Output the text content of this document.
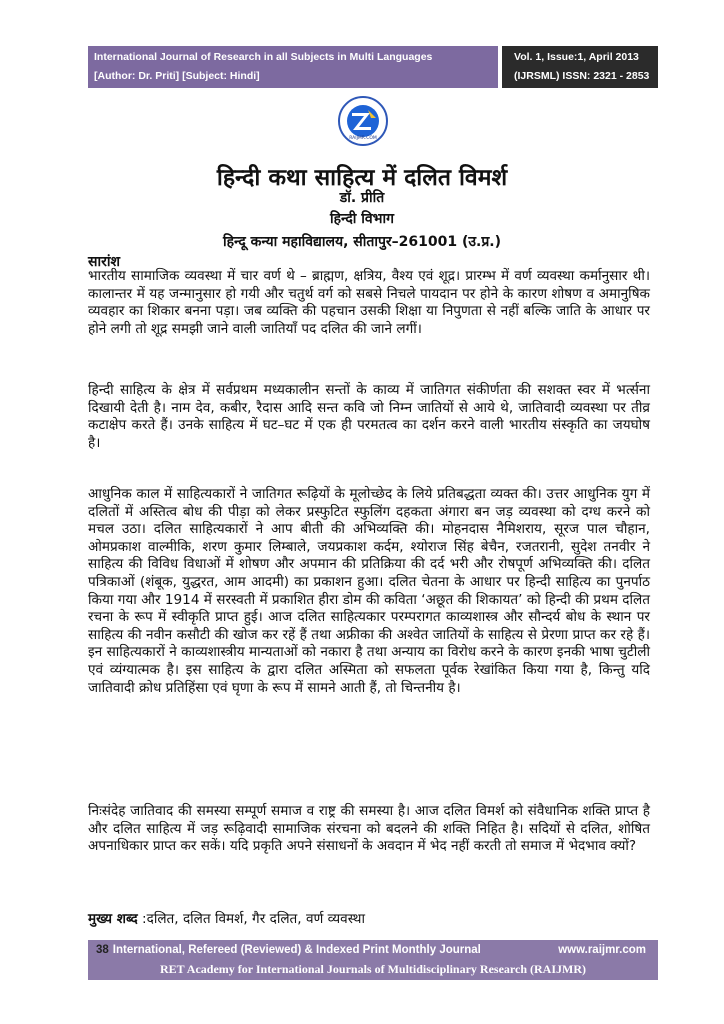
International Journal of Research in all Subjects in Multi Languages
[Author: Dr. Priti] [Subject: Hindi]
Vol. 1, Issue:1, April 2013
(IJRSML) ISSN: 2321 - 2853
RAIJMR.COM
हिन्दी कथा साहित्य में दलित विमर्श
डॉ. प्रीति
हिन्दी विभाग
हिन्दू कन्या महाविद्यालय, सीतापुर–261001 (उ.प्र.)
सारांश
भारतीय सामाजिक व्यवस्था में चार वर्ण थे – ब्राह्मण, क्षत्रिय, वैश्य एवं शूद्र। प्रारम्भ में वर्ण व्यवस्था कर्मानुसार थी। कालान्तर में यह जन्मानुसार हो गयी और चतुर्थ वर्ग को सबसे निचले पायदान पर होने के कारण शोषण व अमानुषिक व्यवहार का शिकार बनना पड़ा। जब व्यक्ति की पहचान उसकी शिक्षा या निपुणता से नहीं बल्कि जाति के आधार पर होने लगी तो शूद्र समझी जाने वाली जातियाँ पद दलित की जाने लगीं।
हिन्दी साहित्य के क्षेत्र में सर्वप्रथम मध्यकालीन सन्तों के काव्य में जातिगत संकीर्णता की सशक्त स्वर में भर्त्सना दिखायी देती है। नाम देव, कबीर, रैदास आदि सन्त कवि जो निम्न जातियों से आये थे, जातिवादी व्यवस्था पर तीव्र कटाक्षेप करते हैं। उनके साहित्य में घट–घट में एक ही परमतत्व का दर्शन करने वाली भारतीय संस्कृति का जयघोष है।
आधुनिक काल में साहित्यकारों ने जातिगत रूढ़ियों के मूलोच्छेद के लिये प्रतिबद्धता व्यक्त की। उत्तर आधुनिक युग में दलितों में अस्तित्व बोध की पीड़ा को लेकर प्रस्फुटित स्फुलिंग दहकता अंगारा बन जड़ व्यवस्था को दग्ध करने को मचल उठा। दलित साहित्यकारों ने आप बीती की अभिव्यक्ति की। मोहनदास नैमिशराय, सूरज पाल चौहान, ओमप्रकाश वाल्मीकि, शरण कुमार लिम्बाले, जयप्रकाश कर्दम, श्योराज सिंह बेचैन, रजतरानी, सुदेश तनवीर ने साहित्य की विविध विधाओं में शोषण और अपमान की प्रतिक्रिया की दर्द भरी और रोषपूर्ण अभिव्यक्ति की। दलित पत्रिकाओं (शंबूक, युद्धरत, आम आदमी) का प्रकाशन हुआ। दलित चेतना के आधार पर हिन्दी साहित्य का पुनर्पाठ किया गया और 1914 में सरस्वती में प्रकाशित हीरा डोम की कविता ‘अछूत की शिकायत’ को हिन्दी की प्रथम दलित रचना के रूप में स्वीकृति प्राप्त हुई। आज दलित साहित्यकार परम्परागत काव्यशास्त्र और सौन्दर्य बोध के स्थान पर साहित्य की नवीन कसौटी की खोज कर रहें हैं तथा अफ्रीका की अश्वेत जातियों के साहित्य से प्रेरणा प्राप्त कर रहे हैं। इन साहित्यकारों ने काव्यशास्त्रीय मान्यताओं को नकारा है तथा अन्याय का विरोध करने के कारण इनकी भाषा चुटीली एवं व्यंग्यात्मक है। इस साहित्य के द्वारा दलित अस्मिता को सफलता पूर्वक रेखांकित किया गया है, किन्तु यदि जातिवादी क्रोध प्रतिहिंसा एवं घृणा के रूप में सामने आती हैं, तो चिन्तनीय है।
निःसंदेह जातिवाद की समस्या सम्पूर्ण समाज व राष्ट्र की समस्या है। आज दलित विमर्श को संवैधानिक शक्ति प्राप्त है और दलित साहित्य में जड़ रूढ़िवादी सामाजिक संरचना को बदलने की शक्ति निहित है। सदियों से दलित, शोषित अपनाधिकार प्राप्त कर सकें। यदि प्रकृति अपने संसाधनों के अवदान में भेद नहीं करती तो समाज में भेदभाव क्यों?
मुख्य शब्द :दलित, दलित विमर्श, गैर दलित, वर्ण व्यवस्था
38 International, Refereed (Reviewed) & Indexed Print Monthly Journal	www.raijmr.com
RET Academy for International Journals of Multidisciplinary Research (RAIJMR)
